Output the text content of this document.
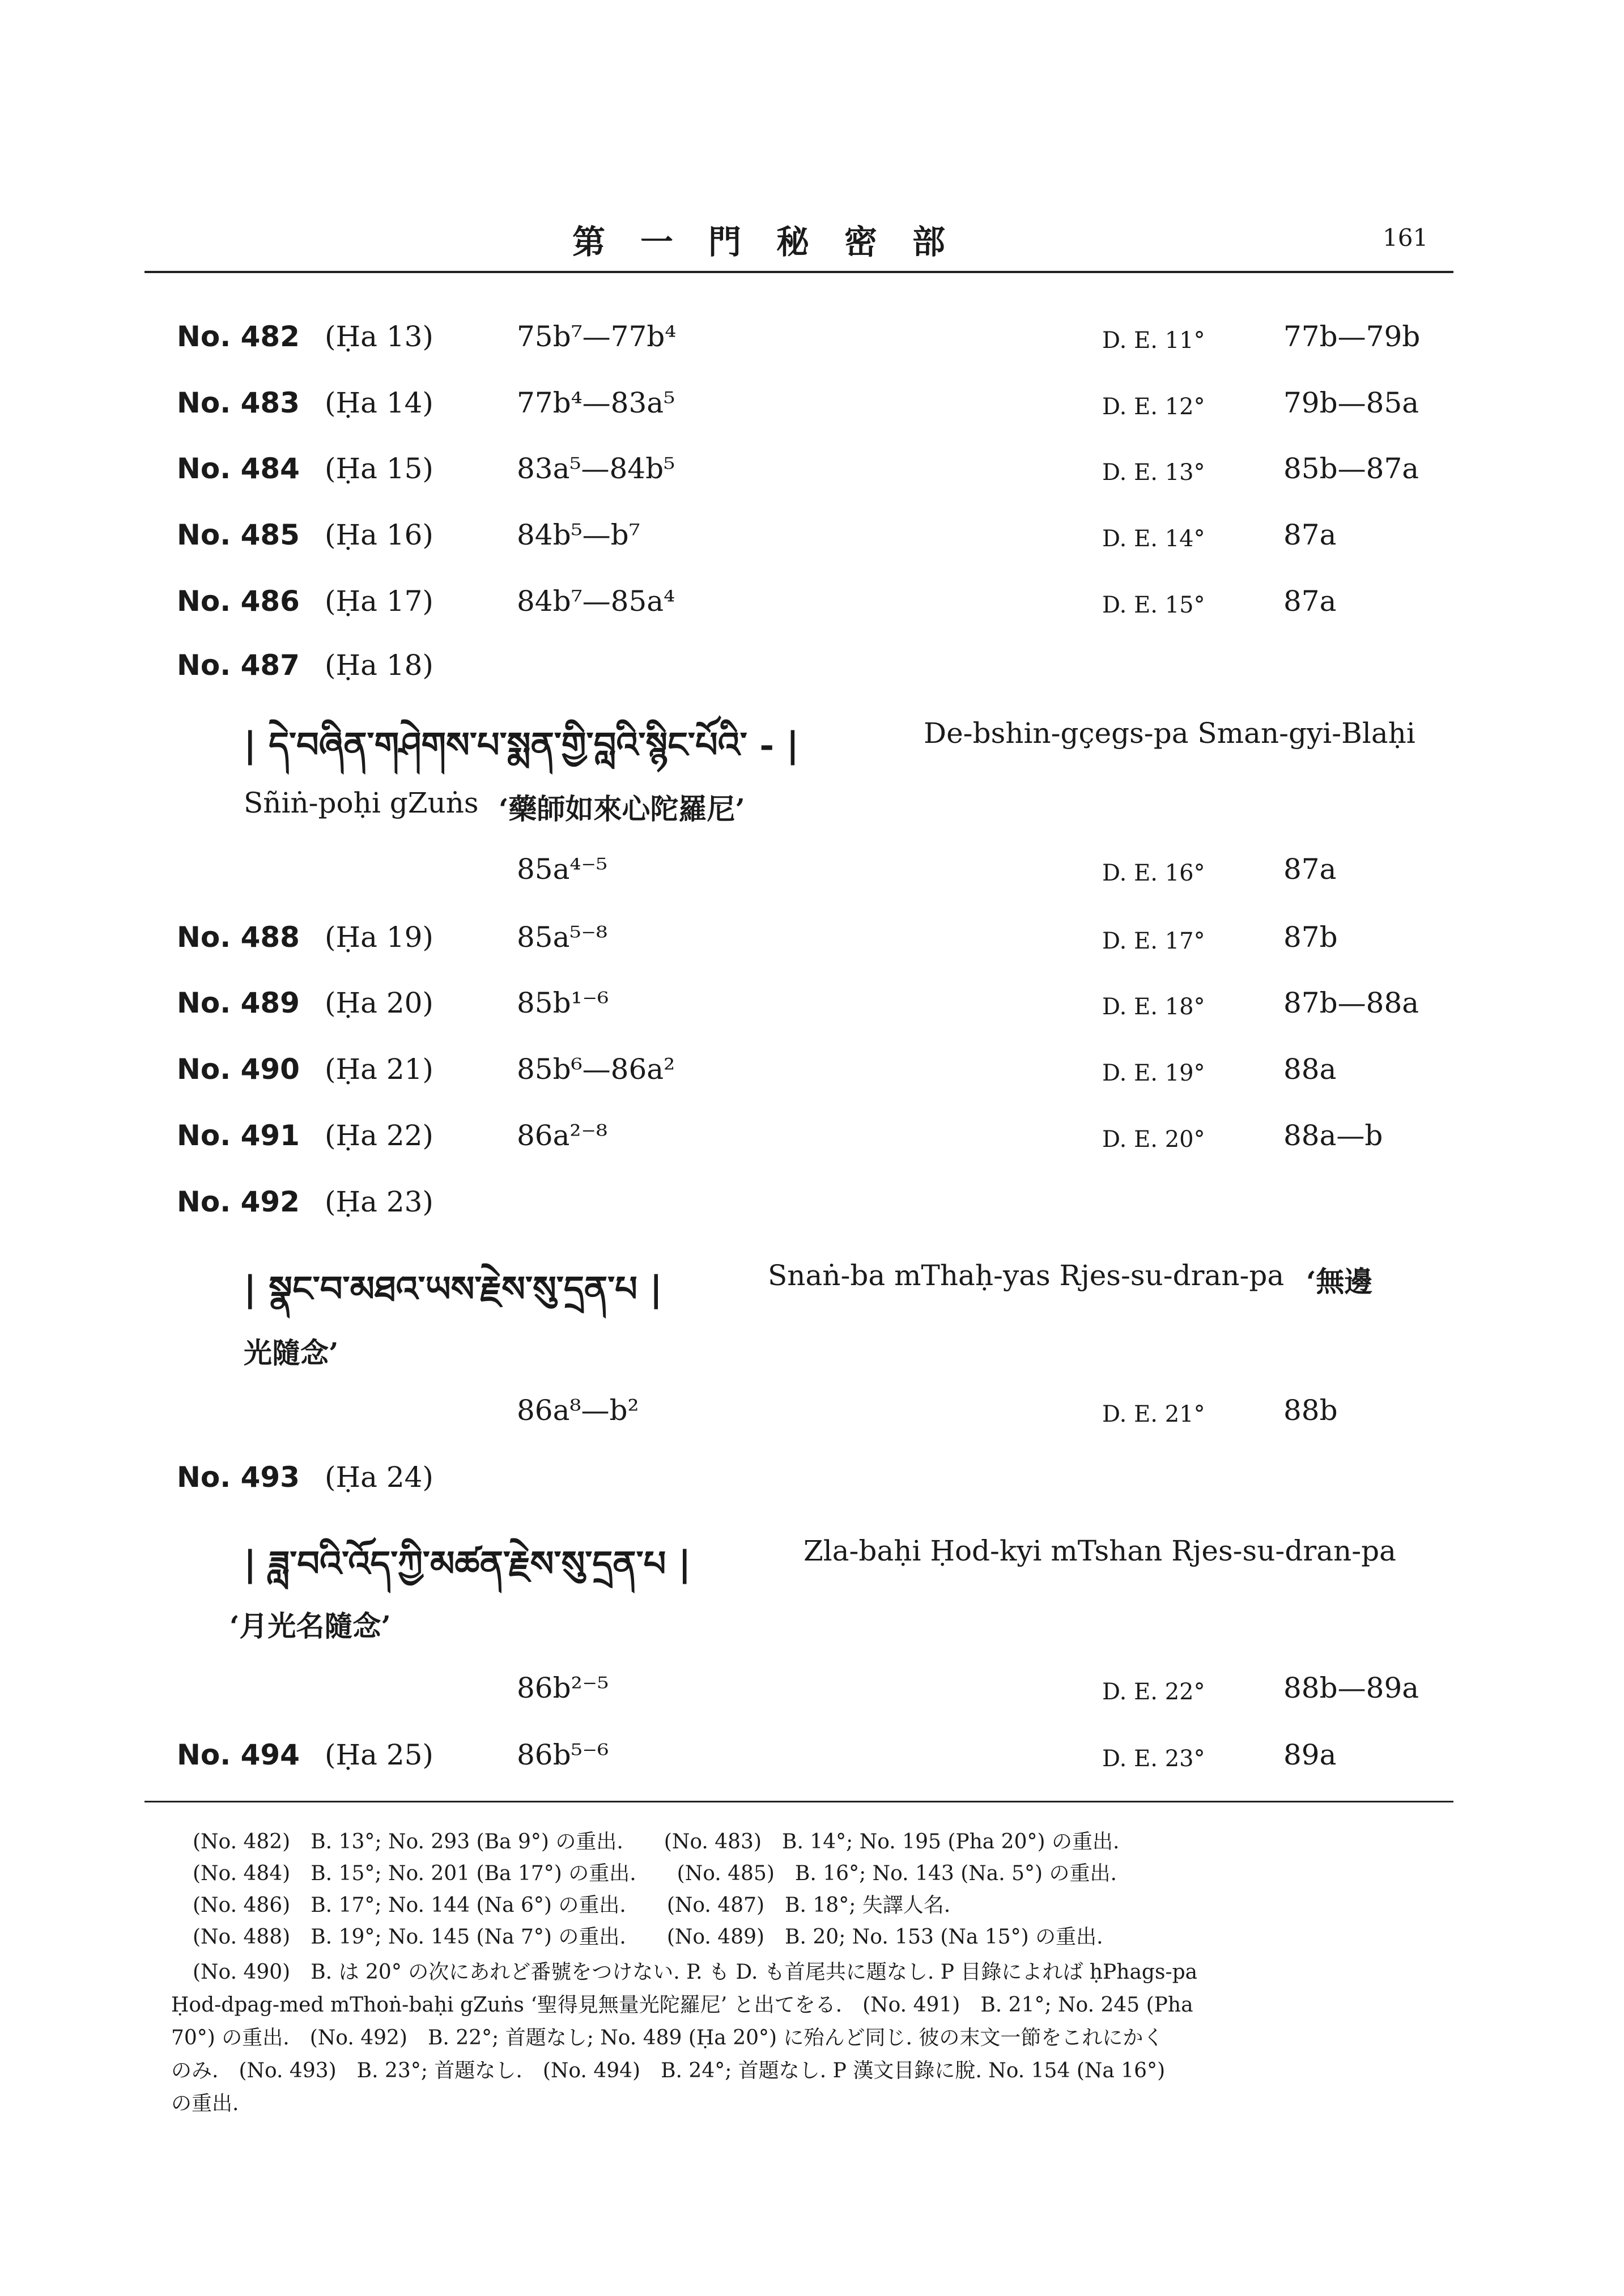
第　一　門　秘　密　部	161
No. 482 (Ḥa 13)	75b⁷—77b⁴	D. E. 11°	77b—79b
No. 483 (Ḥa 14)	77b⁴—83a⁵	D. E. 12°	79b—85a
No. 484 (Ḥa 15)	83a⁵—84b⁵	D. E. 13°	85b—87a
No. 485 (Ḥa 16)	84b⁵—b⁷	D. E. 14°	87a
No. 486 (Ḥa 17)	84b⁷—85a⁴	D. E. 15°	87a
No. 487 (Ḥa 18)
| དེ་བཞིན་གཤེགས་པ་སྨན་གྱི་བླའི་སྙིང་པོའི་ - |	De-bshin-gçegs-pa Sman-gyi-Blaḥi
Sñiṅ-poḥi gZuṅs ‘藥師如來心陀羅尼’
85a⁴⁻⁵	D. E. 16°	87a
No. 488 (Ḥa 19)	85a⁵⁻⁸	D. E. 17°	87b
No. 489 (Ḥa 20)	85b¹⁻⁶	D. E. 18°	87b—88a
No. 490 (Ḥa 21)	85b⁶—86a²	D. E. 19°	88a
No. 491 (Ḥa 22)	86a²⁻⁸	D. E. 20°	88a—b
No. 492 (Ḥa 23)
| སྣང་བ་མཐའ་ཡས་རྗེས་སུ་དྲན་པ |	Snaṅ-ba mThaḥ-yas Rjes-su-dran-pa ‘無邊
光隨念’
86a⁸—b²	D. E. 21°	88b
No. 493 (Ḥa 24)
| ཟླ་བའི་འོད་ཀྱི་མཚན་རྗེས་སུ་དྲན་པ |	Zla-baḥi Ḥod-kyi mTshan Rjes-su-dran-pa
‘月光名隨念’
86b²⁻⁵	D. E. 22°	88b—89a
No. 494 (Ḥa 25)	86b⁵⁻⁶	D. E. 23°	89a
(No. 482)　B. 13°; No. 293 (Ba 9°) の重出.　　(No. 483)　B. 14°; No. 195 (Pha 20°) の重出.
(No. 484)　B. 15°; No. 201 (Ba 17°) の重出.　　(No. 485)　B. 16°; No. 143 (Na. 5°) の重出.
(No. 486)　B. 17°; No. 144 (Na 6°) の重出.　　(No. 487)　B. 18°; 失譯人名.
(No. 488)　B. 19°; No. 145 (Na 7°) の重出.　　(No. 489)　B. 20; No. 153 (Na 15°) の重出.
(No. 490)　B. は 20° の次にあれど番號をつけない. P. も D. も首尾共に題なし. P 目錄によれば ḥPhags-pa
Ḥod-dpag-med mThoṅ-baḥi gZuṅs ‘聖得見無量光陀羅尼’ と出てをる.　(No. 491)　B. 21°; No. 245 (Pha
70°) の重出.　(No. 492)　B. 22°; 首題なし; No. 489 (Ḥa 20°) に殆んど同じ. 彼の末文一節をこれにかく
のみ.　(No. 493)　B. 23°; 首題なし.　(No. 494)　B. 24°; 首題なし. P 漢文目錄に脫. No. 154 (Na 16°)
の重出.
